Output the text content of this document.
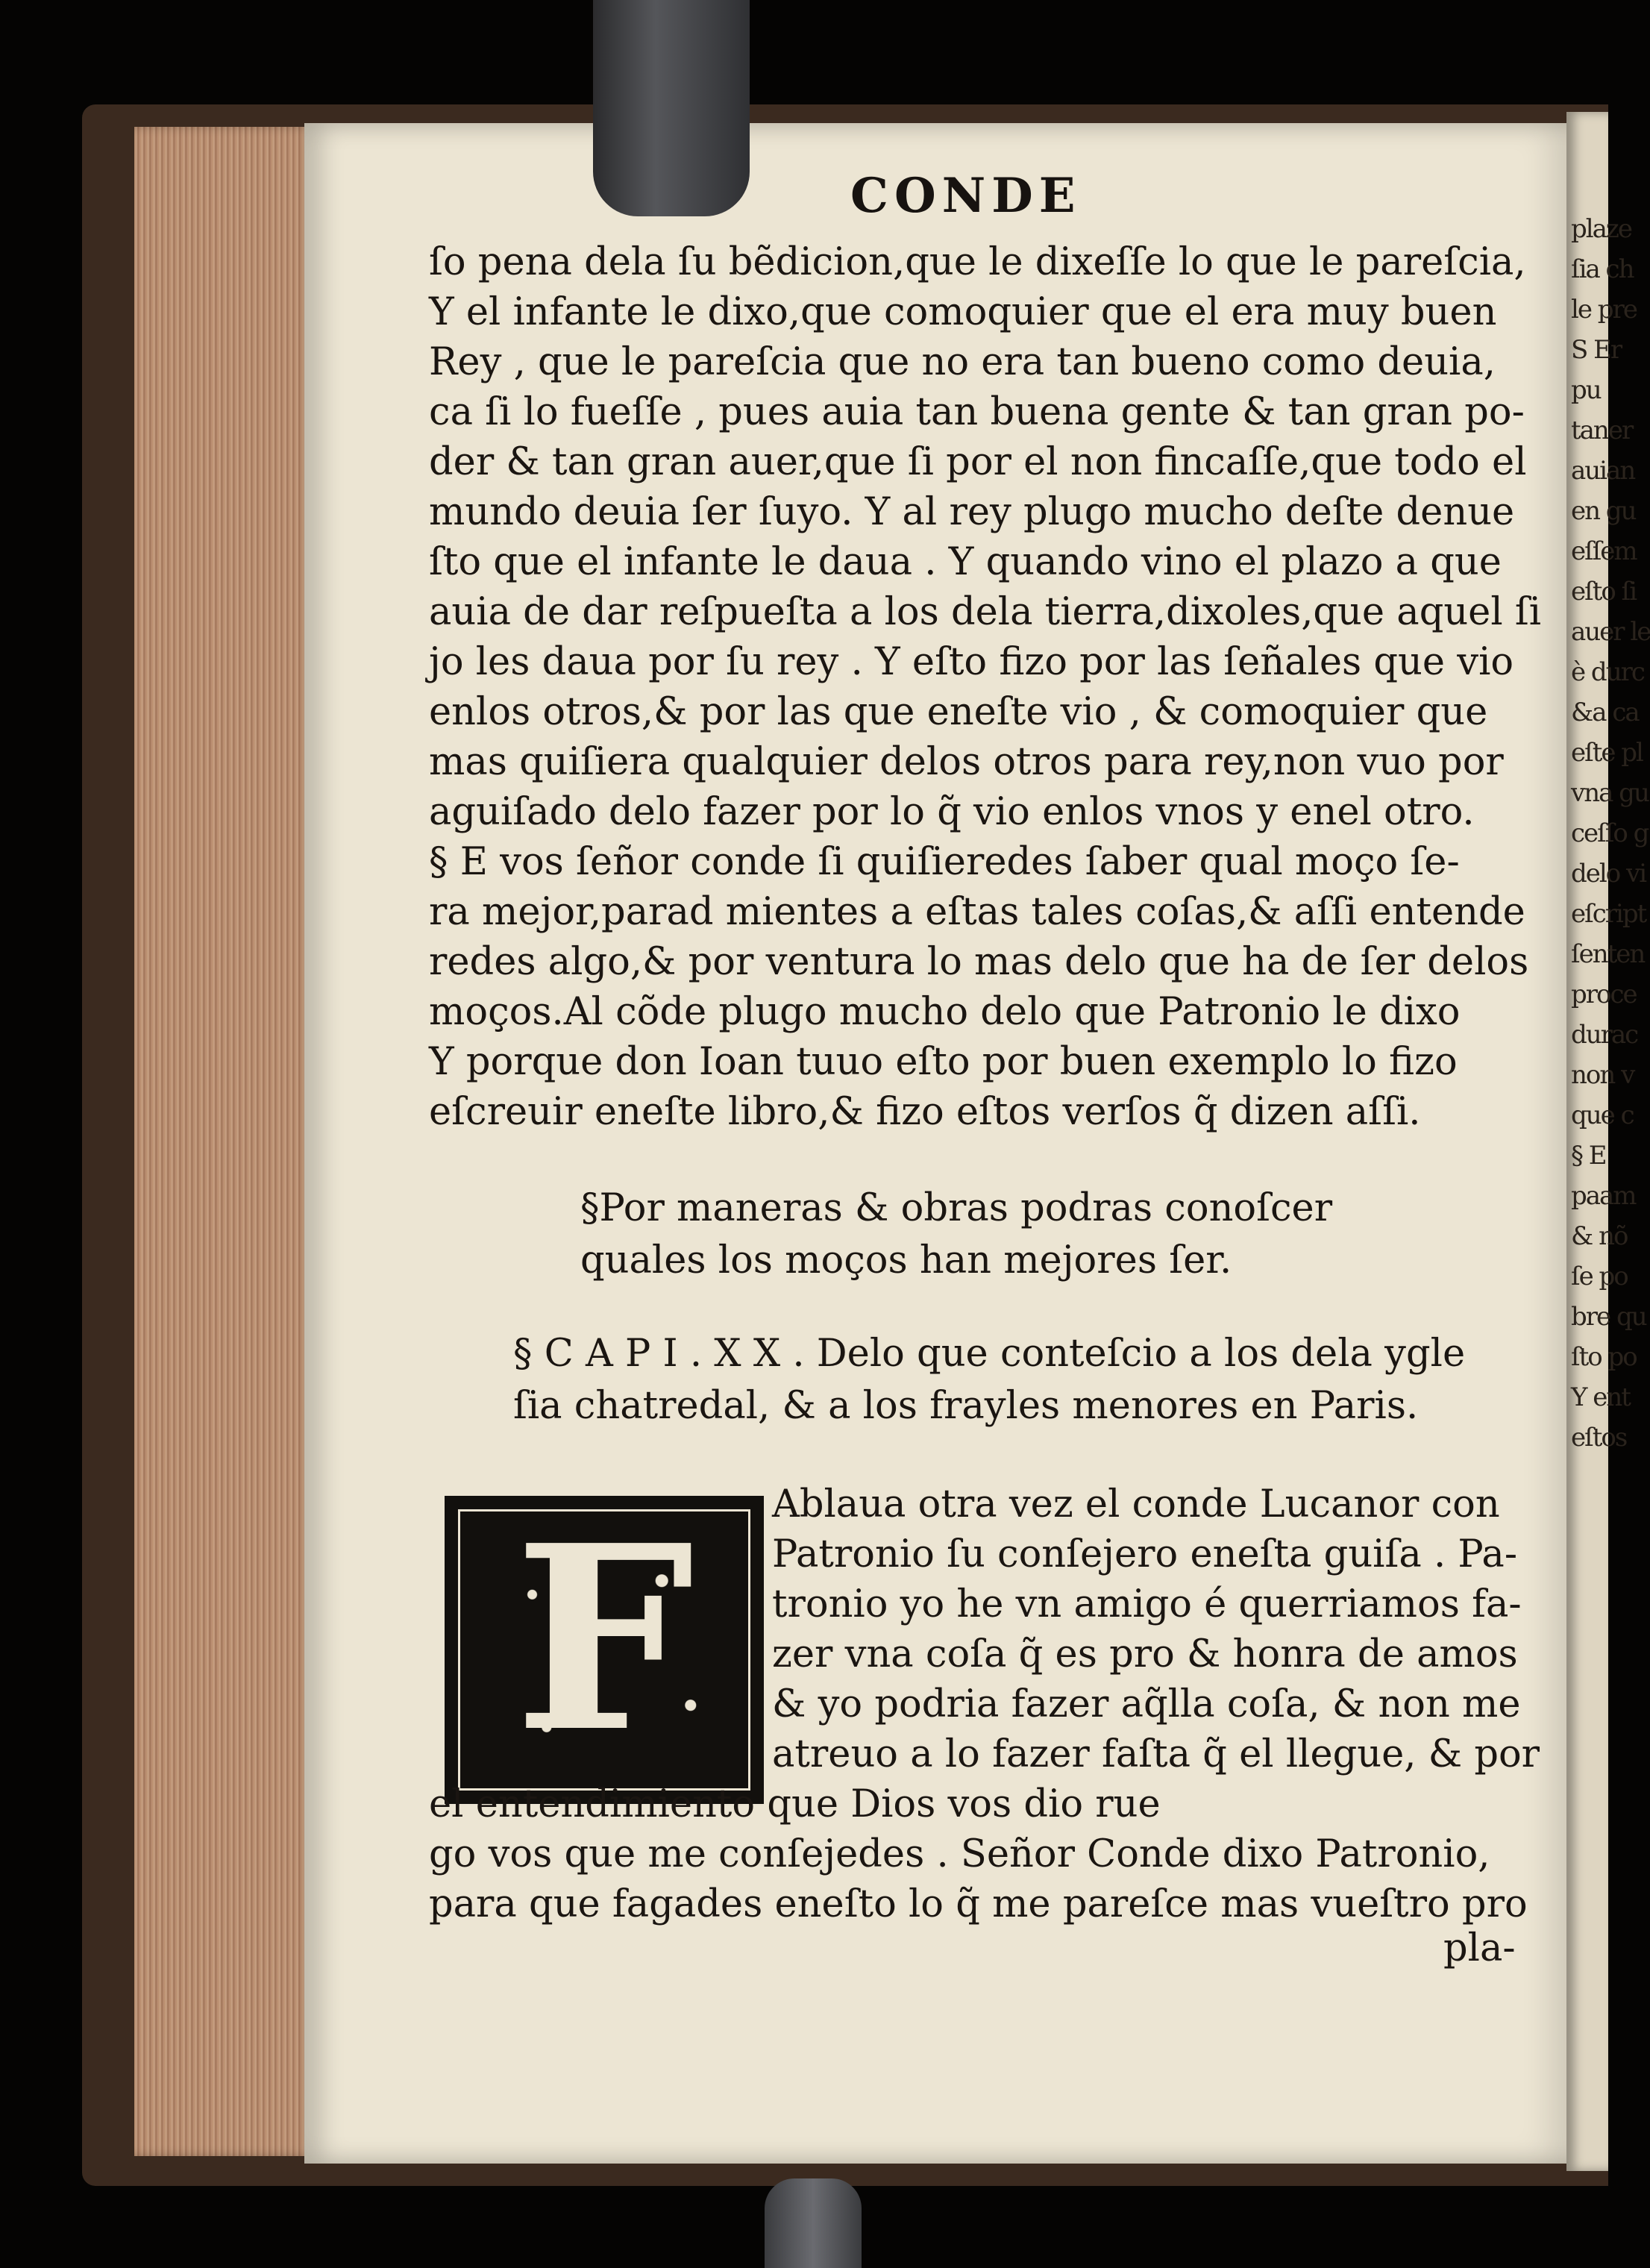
plaze
ſia ch
le pre
S Er
pu
taner
auian
en gu
eſſem
eſto ſi
auer le
è durc
&a ca
eſte pl
vna gu
ceſſo g
delo vi
eſcript
ſenten
proce
durac
non v
que c
§ E
paam
& nõ
ſe po
bre qu
ſto po
Y ent
eſtos
CONDE
ſo pena dela ſu bẽdicion,que le dixeſſe lo que le pareſcia,
Y el infante le dixo,que comoquier que el era muy buen
Rey , que le pareſcia que no era tan bueno como deuia,
ca ſi lo fueſſe , pues auia tan buena gente & tan gran po-
der & tan gran auer,que ſi por el non fincaſſe,que todo el
mundo deuia ſer ſuyo. Y al rey plugo mucho deſte denue
ſto que el infante le daua . Y quando vino el plazo a que
auia de dar reſpueſta a los dela tierra,dixoles,que aquel ſi
jo les daua por ſu rey . Y eſto fizo por las ſeñales que vio
enlos otros,& por las que eneſte vio , & comoquier que
mas quiſiera qualquier delos otros para rey,non vuo por
aguiſado delo fazer por lo q̃ vio enlos vnos y enel otro.
§ E vos ſeñor conde ſi quiſieredes ſaber qual moço ſe-
ra mejor,parad mientes a eſtas tales coſas,& aſſi entende
redes algo,& por ventura lo mas delo que ha de ſer delos
moços.Al cõde plugo mucho delo que Patronio le dixo
Y porque don Ioan tuuo eſto por buen exemplo lo fizo
eſcreuir eneſte libro,& fizo eſtos verſos q̃ dizen aſſi.
§Por maneras & obras podras conoſcer
quales los moços han mejores ſer.
§ C A P I . X X . Delo que conteſcio a los dela ygle
ſia chatredal, & a los frayles menores en Paris.
F	Ablaua otra vez el conde Lucanor con
Patronio ſu conſejero eneſta guiſa . Pa-
tronio yo he vn amigo é querriamos fa-
zer vna coſa q̃ es pro & honra de amos
& yo podria fazer aq̃lla coſa, & non me
atreuo a lo fazer faſta q̃ el llegue, & por
el entendimiento que Dios vos dio rue
go vos que me conſejedes . Señor Conde dixo Patronio,
para que fagades eneſto lo q̃ me pareſce mas vueſtro pro
pla-
